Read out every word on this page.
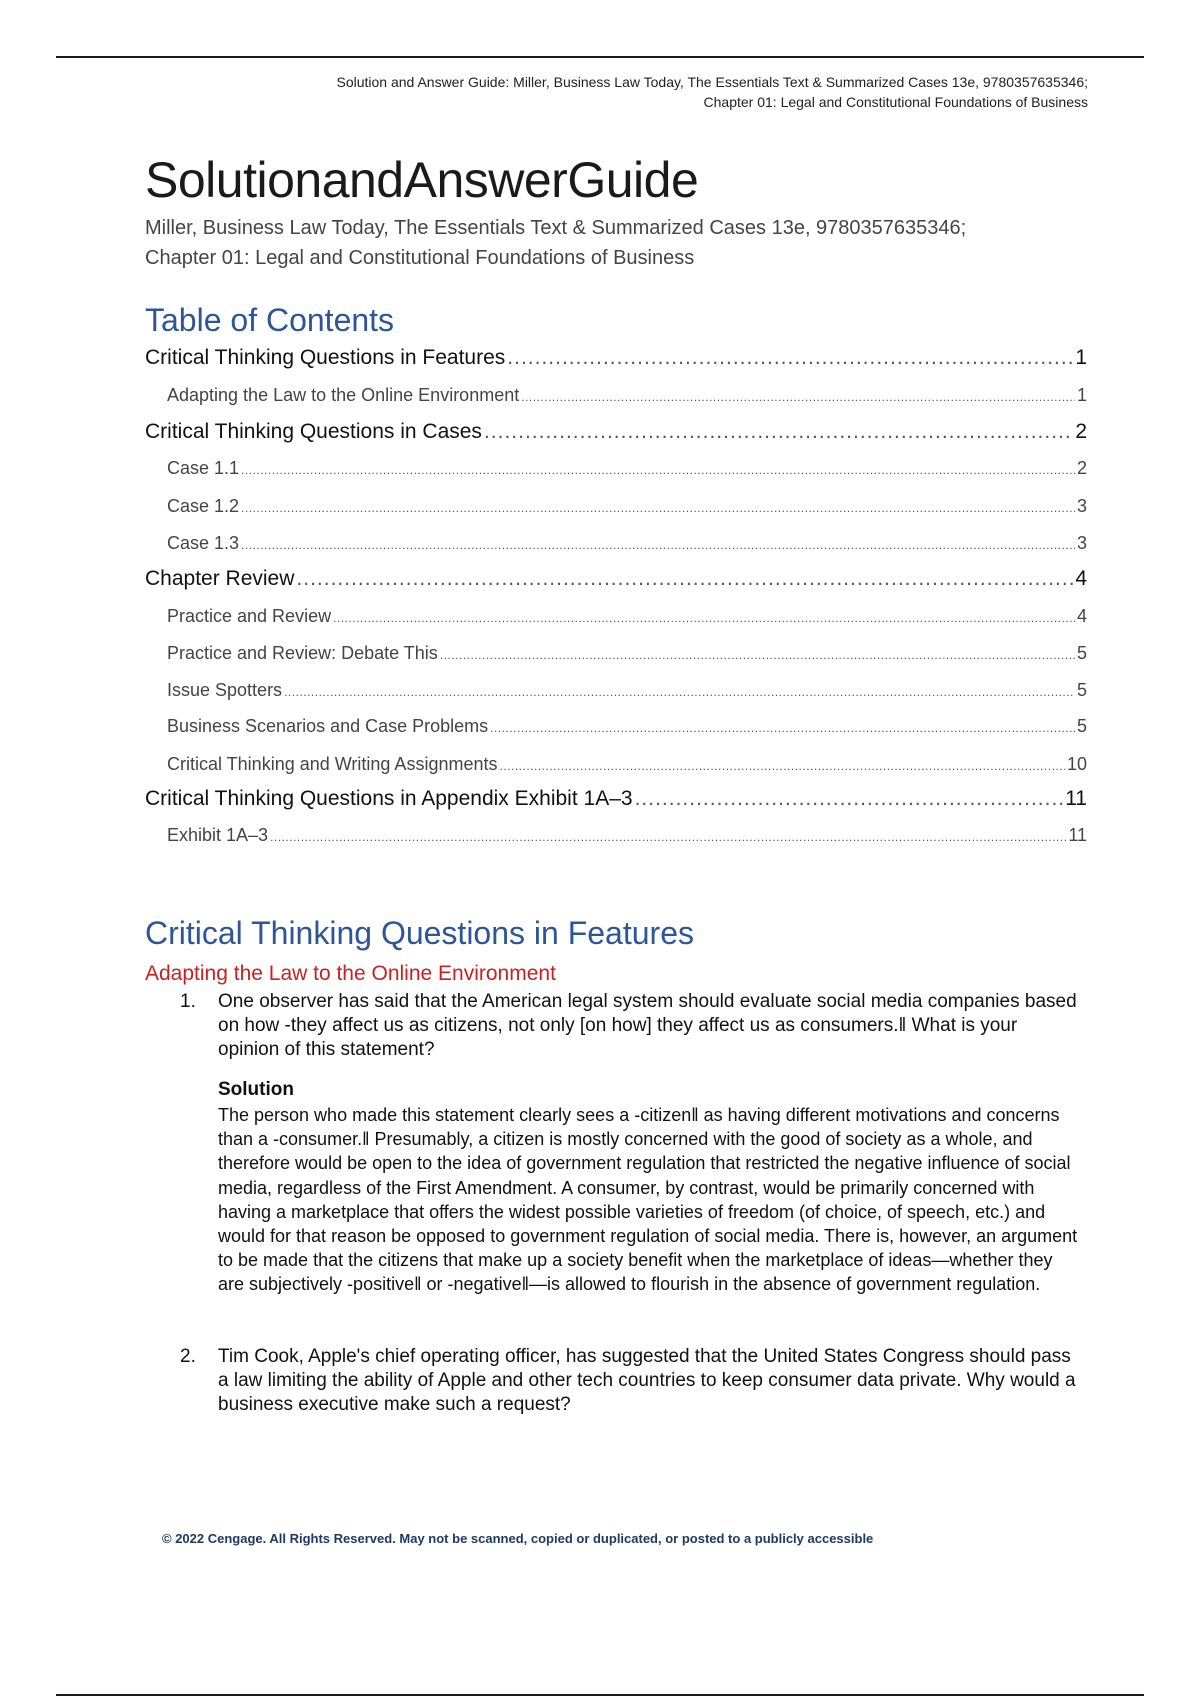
Solution and Answer Guide: Miller, Business Law Today, The Essentials Text & Summarized Cases 13e, 9780357635346;
Chapter 01: Legal and Constitutional Foundations of Business
SolutionandAnswerGuide
Miller, Business Law Today, The Essentials Text & Summarized Cases 13e, 9780357635346;
Chapter 01: Legal and Constitutional Foundations of Business
Table of Contents
Critical Thinking Questions in Features .....	1
Adapting the Law to the Online Environment .....	1
Critical Thinking Questions in Cases .....	2
Case 1.1 .....	2
Case 1.2 .....	3
Case 1.3 .....	3
Chapter Review .....	4
Practice and Review .....	4
Practice and Review: Debate This .....	5
Issue Spotters .....	5
Business Scenarios and Case Problems .....	5
Critical Thinking and Writing Assignments .....	10
Critical Thinking Questions in Appendix Exhibit 1A–3 .....	11
Exhibit 1A–3 .....	11
Critical Thinking Questions in Features
Adapting the Law to the Online Environment
1.	One observer has said that the American legal system should evaluate social media companies based on how ‑they affect us as citizens, not only [on how] they affect us as consumers.‖ What is your opinion of this statement?
Solution
The person who made this statement clearly sees a ‑citizen‖ as having different motivations and concerns than a ‑consumer.‖ Presumably, a citizen is mostly concerned with the good of society as a whole, and therefore would be open to the idea of government regulation that restricted the negative influence of social media, regardless of the First Amendment. A consumer, by contrast, would be primarily concerned with having a marketplace that offers the widest possible varieties of freedom (of choice, of speech, etc.) and would for that reason be opposed to government regulation of social media. There is, however, an argument to be made that the citizens that make up a society benefit when the marketplace of ideas—whether they are subjectively ‑positive‖ or ‑negative‖—is allowed to flourish in the absence of government regulation.
2.	Tim Cook, Apple's chief operating officer, has suggested that the United States Congress should pass a law limiting the ability of Apple and other tech countries to keep consumer data private. Why would a business executive make such a request?
© 2022 Cengage. All Rights Reserved. May not be scanned, copied or duplicated, or posted to a publicly accessible
